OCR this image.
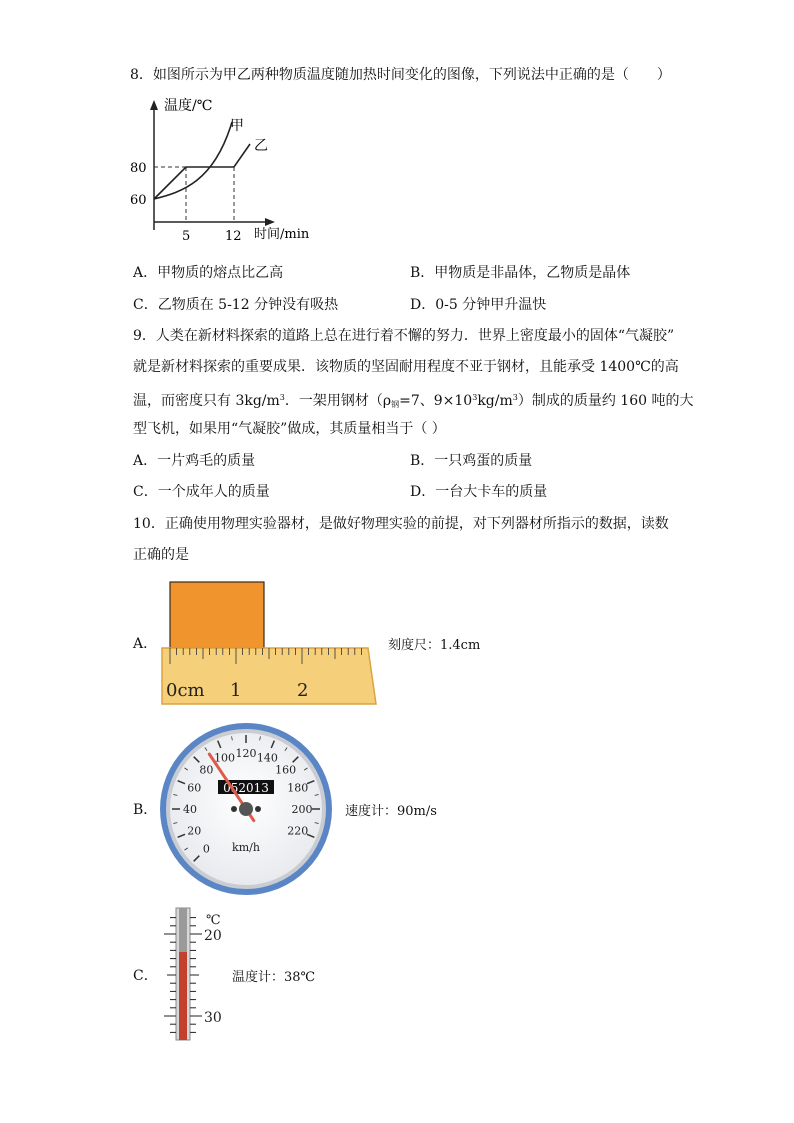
8．如图所示为甲乙两种物质温度随加热时间变化的图像，下列说法中正确的是（　　）
温度/℃
时间/min
80
60
5	12
甲
乙
A．甲物质的熔点比乙高	B．甲物质是非晶体，乙物质是晶体
C．乙物质在 5-12 分钟没有吸热	D．0-5 分钟甲升温快
9．人类在新材料探索的道路上总在进行着不懈的努力．世界上密度最小的固体“气凝胶”
就是新材料探索的重要成果．该物质的坚固耐用程度不亚于钢材，且能承受 1400℃的高
温，而密度只有 $3kg/m^3$．一架用钢材（$\rho_钢=7$、$9\times 10^3kg/m^3$）制成的质量约 160 吨的大
型飞机，如果用“气凝胶”做成，其质量相当于（ ）
A．一片鸡毛的质量	B．一只鸡蛋的质量
C．一个成年人的质量	D．一台大卡车的质量
10．正确使用物理实验器材，是做好物理实验的前提，对下列器材所指示的数据，读数
正确的是
A．
0cm 1	2
刻度尺：1.4cm
B．
0
20
40
60
80
100 120 140
160
180
200
220
052013
km/h
速度计：90m/s
C．
℃
20
30
温度计：38℃
